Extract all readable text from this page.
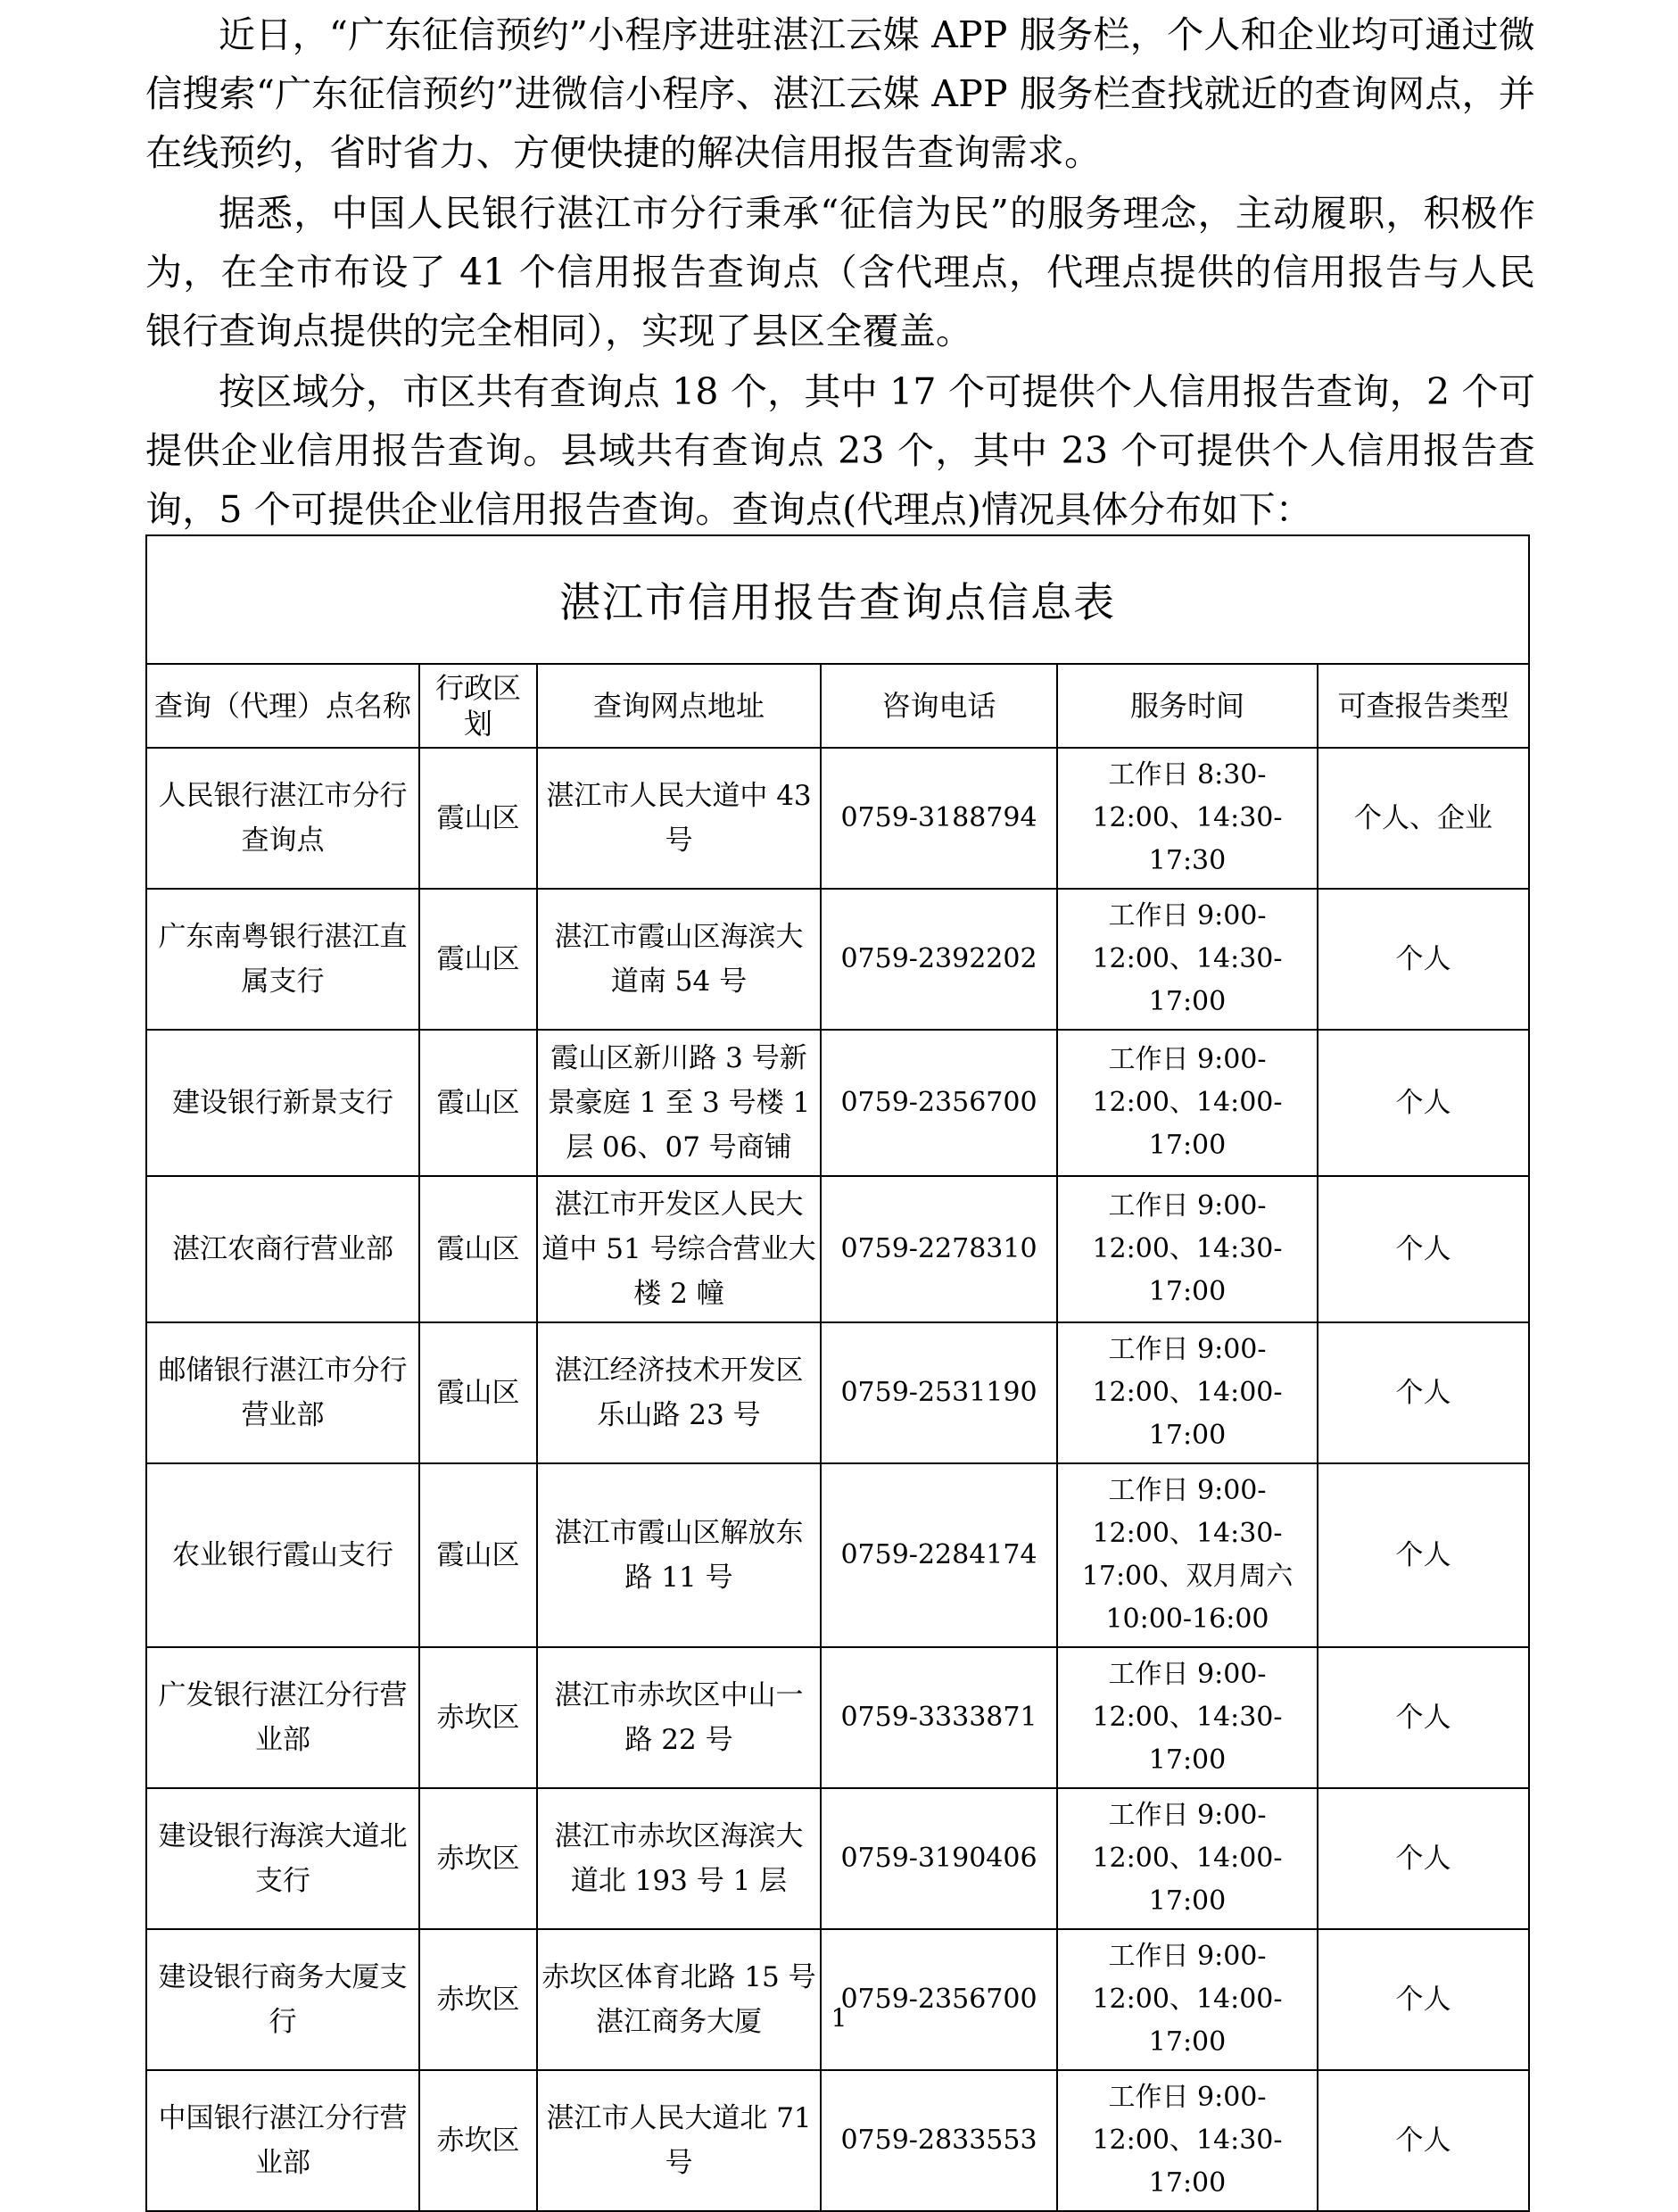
近日，“广东征信预约”小程序进驻湛江云媒 APP 服务栏，个人和企业均可通过微信搜索“广东征信预约”进微信小程序、湛江云媒 APP 服务栏查找就近的查询网点，并在线预约，省时省力、方便快捷的解决信用报告查询需求。

据悉，中国人民银行湛江市分行秉承“征信为民”的服务理念，主动履职，积极作为，在全市布设了 41 个信用报告查询点（含代理点，代理点提供的信用报告与人民银行查询点提供的完全相同），实现了县区全覆盖。

按区域分，市区共有查询点 18 个，其中 17 个可提供个人信用报告查询，2 个可提供企业信用报告查询。县域共有查询点 23 个，其中 23 个可提供个人信用报告查询，5 个可提供企业信用报告查询。查询点(代理点)情况具体分布如下：

湛江市信用报告查询点信息表					
查询（代理）点名称	行政区划	查询网点地址	咨询电话	服务时间	可查报告类型
人民银行湛江市分行查询点	霞山区	湛江市人民大道中 43 号	0759-3188794	工作日 8:30-12:00、14:30-17:30	个人、企业
广东南粤银行湛江直属支行	霞山区	湛江市霞山区海滨大道南 54 号	0759-2392202	工作日 9:00-12:00、14:30-17:00	个人
建设银行新景支行	霞山区	霞山区新川路 3 号新景豪庭 1 至 3 号楼 1 层 06、07 号商铺	0759-2356700	工作日 9:00-12:00、14:00-17:00	个人
湛江农商行营业部	霞山区	湛江市开发区人民大道中 51 号综合营业大楼 2 幢	0759-2278310	工作日 9:00-12:00、14:30-17:00	个人
邮储银行湛江市分行营业部	霞山区	湛江经济技术开发区乐山路 23 号	0759-2531190	工作日 9:00-12:00、14:00-17:00	个人
农业银行霞山支行	霞山区	湛江市霞山区解放东路 11 号	0759-2284174	工作日 9:00-12:00、14:30-17:00、双月周六 10:00-16:00	个人
广发银行湛江分行营业部	赤坎区	湛江市赤坎区中山一路 22 号	0759-3333871	工作日 9:00-12:00、14:30-17:00	个人
建设银行海滨大道北支行	赤坎区	湛江市赤坎区海滨大道北 193 号 1 层	0759-3190406	工作日 9:00-12:00、14:00-17:00	个人
建设银行商务大厦支行	赤坎区	赤坎区体育北路 15 号湛江商务大厦	0759-2356700	工作日 9:00-12:00、14:00-17:00	个人
中国银行湛江分行营业部	赤坎区	湛江市人民大道北 71 号	0759-2833553	工作日 9:00-12:00、14:30-17:00	个人
1
